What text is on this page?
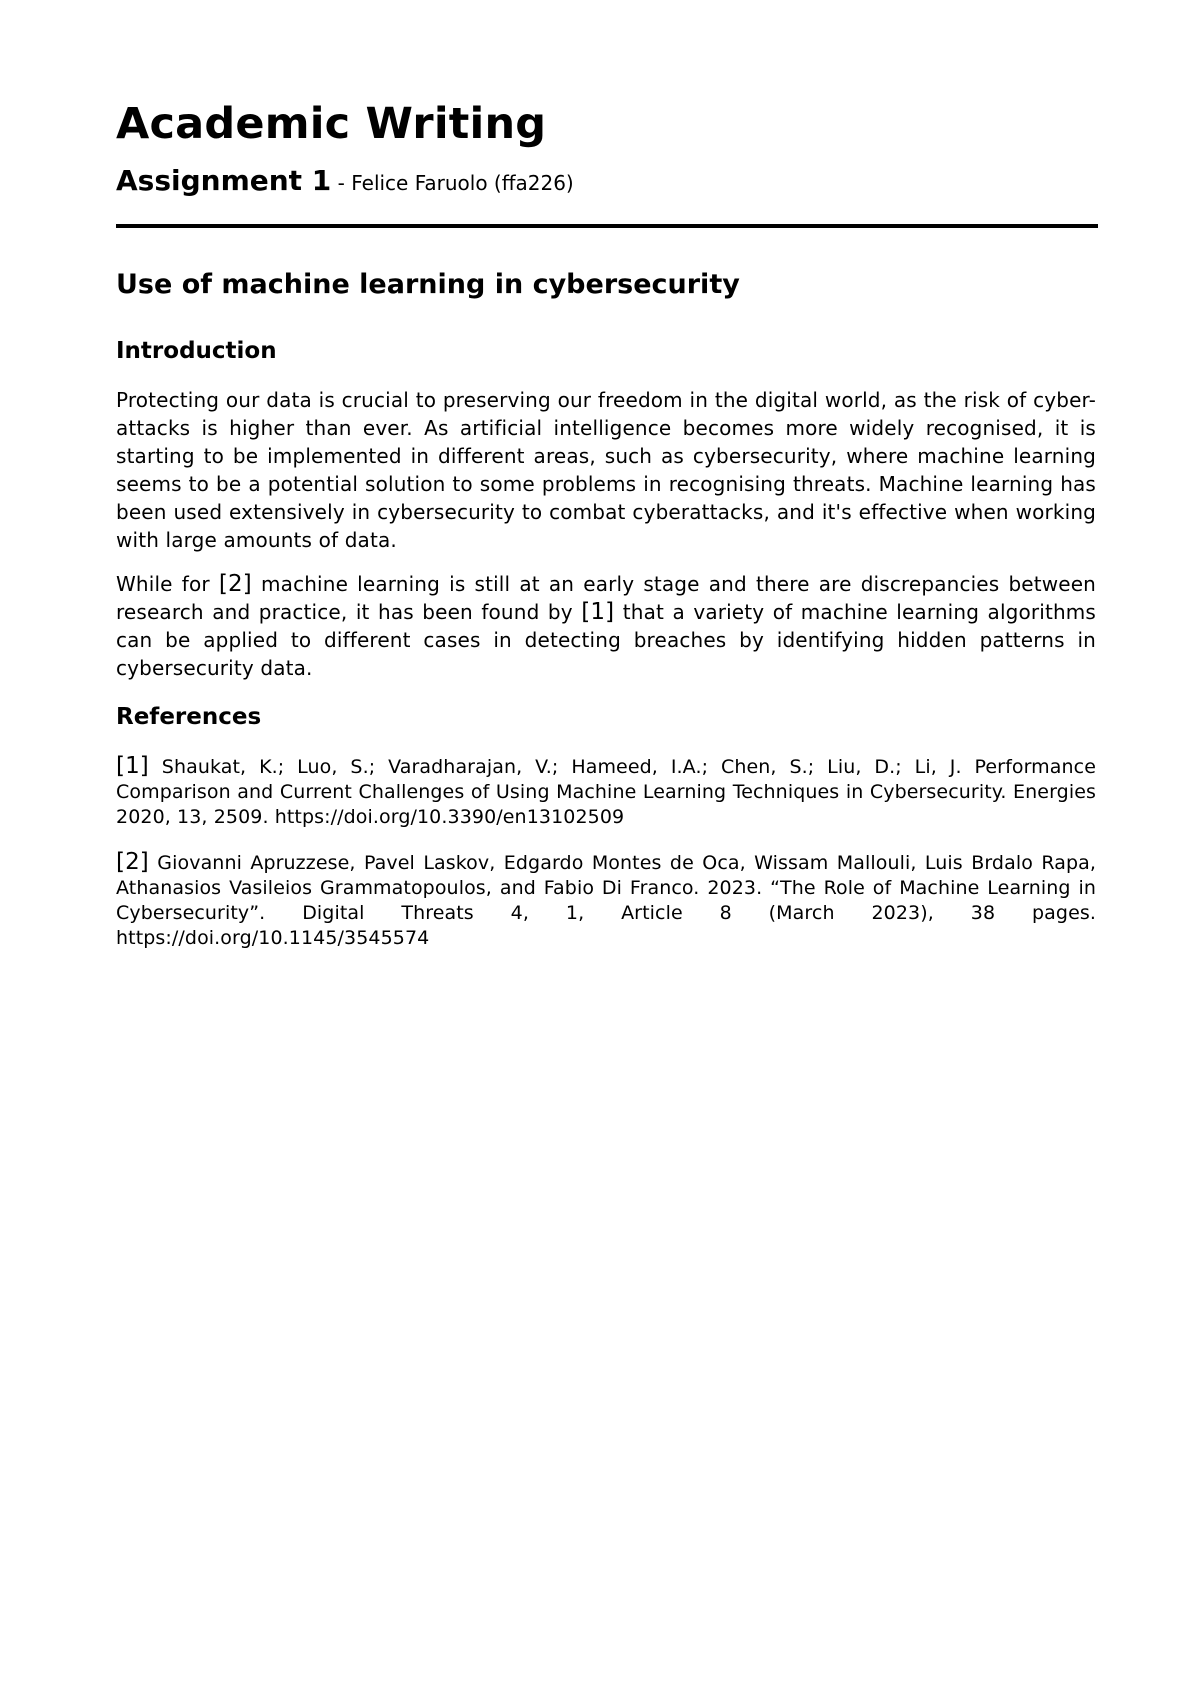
Academic Writing
Assignment 1 - Felice Faruolo (ffa226)
Use of machine learning in cybersecurity
Introduction

Protecting our data is crucial to preserving our freedom in the digital world, as the risk of cyber-attacks is higher than ever. As artificial intelligence becomes more widely recognised, it is starting to be implemented in different areas, such as cybersecurity, where machine learning seems to be a potential solution to some problems in recognising threats. Machine learning has been used extensively in cybersecurity to combat cyberattacks, and it's effective when working with large amounts of data.

While for [2] machine learning is still at an early stage and there are discrepancies between research and practice, it has been found by [1] that a variety of machine learning algorithms can be applied to different cases in detecting breaches by identifying hidden patterns in cybersecurity data.

References

[1] Shaukat, K.; Luo, S.; Varadharajan, V.; Hameed, I.A.; Chen, S.; Liu, D.; Li, J. Performance Comparison and Current Challenges of Using Machine Learning Techniques in Cybersecurity. Energies 2020, 13, 2509. https://doi.org/10.3390/en13102509

[2] Giovanni Apruzzese, Pavel Laskov, Edgardo Montes de Oca, Wissam Mallouli, Luis Brdalo Rapa, Athanasios Vasileios Grammatopoulos, and Fabio Di Franco. 2023. “The Role of Machine Learning in Cybersecurity”. Digital Threats 4, 1, Article 8 (March 2023), 38 pages. https://doi.org/10.1145/3545574
